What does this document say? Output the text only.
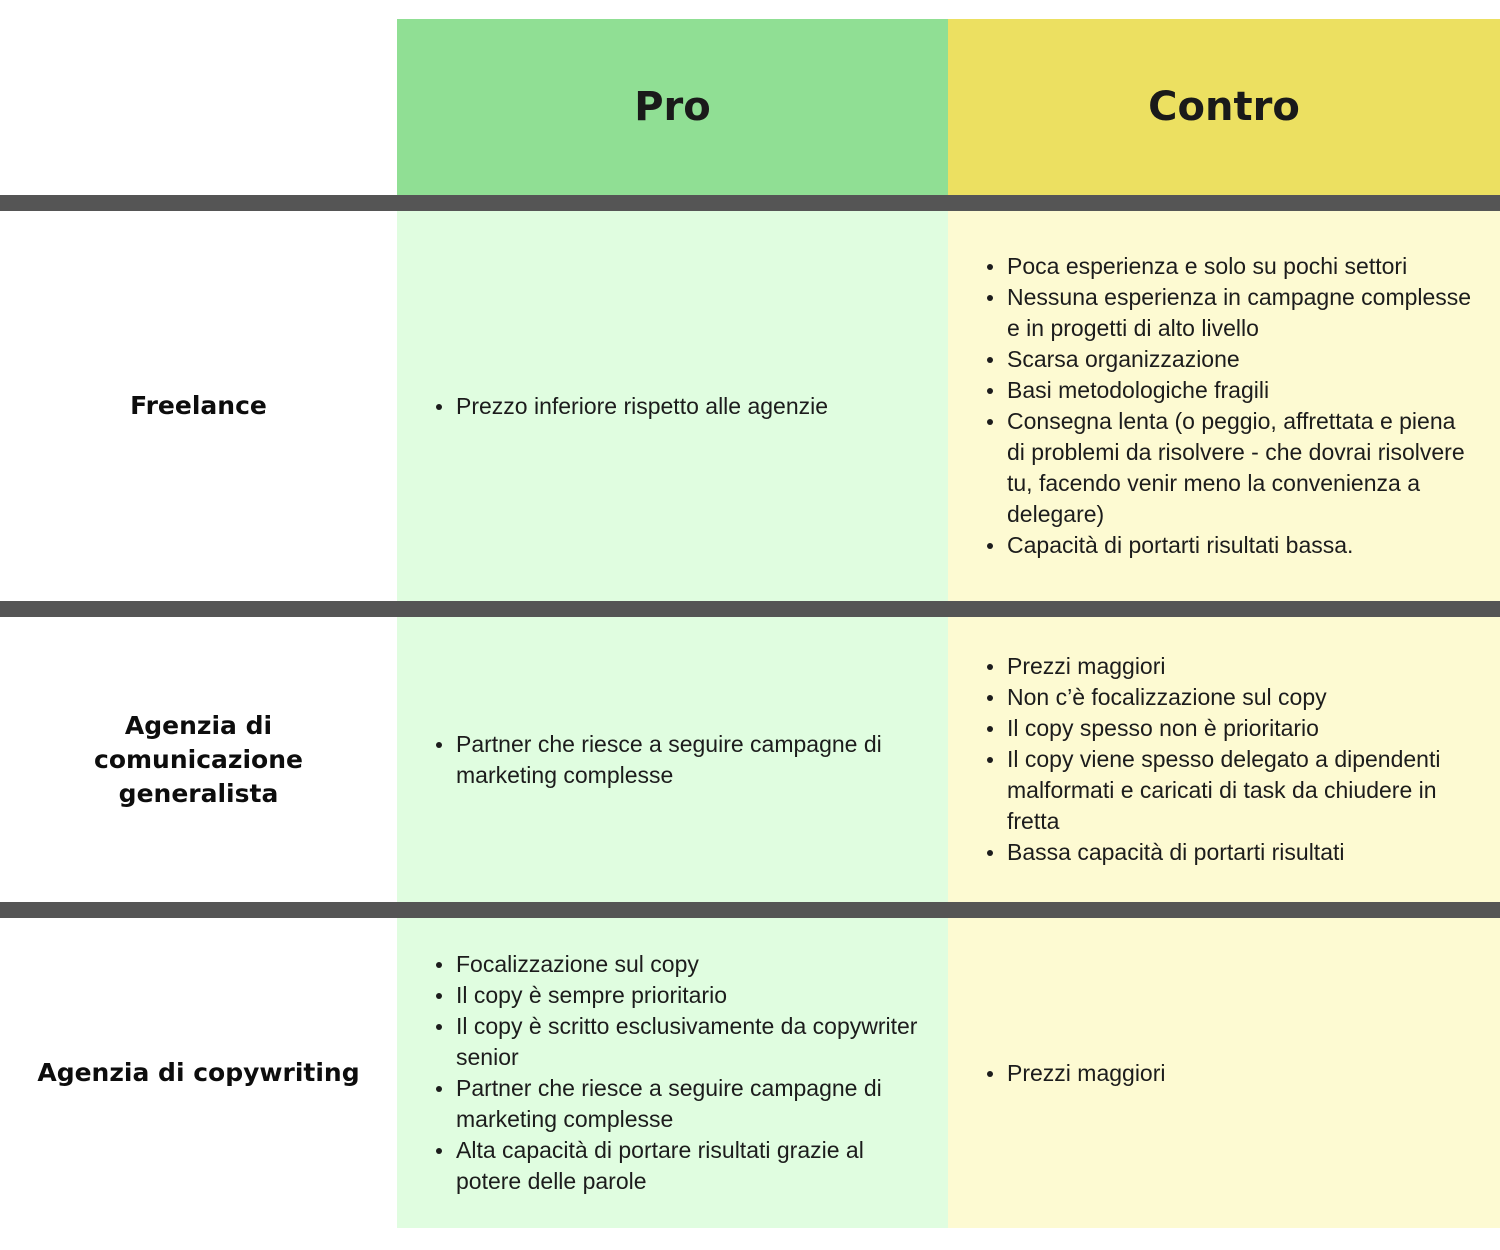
Pro	Contro
Freelance	Prezzo inferiore rispetto alle agenzie
Poca esperienza e solo su pochi settori
Nessuna esperienza in campagne complesse e in progetti di alto livello
Scarsa organizzazione
Basi metodologiche fragili
Consegna lenta (o peggio, affrettata e piena di problemi da risolvere - che dovrai risolvere tu, facendo venir meno la convenienza a delegare)
Capacità di portarti risultati bassa.
Agenzia di comunicazione generalista
Partner che riesce a seguire campagne di marketing complesse
Prezzi maggiori
Non c’è focalizzazione sul copy
Il copy spesso non è prioritario
Il copy viene spesso delegato a dipendenti malformati e caricati di task da chiudere in fretta
Bassa capacità di portarti risultati
Agenzia di copywriting
Focalizzazione sul copy
Il copy è sempre prioritario
Il copy è scritto esclusivamente da copywriter senior
Partner che riesce a seguire campagne di marketing complesse
Alta capacità di portare risultati grazie al potere delle parole
Prezzi maggiori
